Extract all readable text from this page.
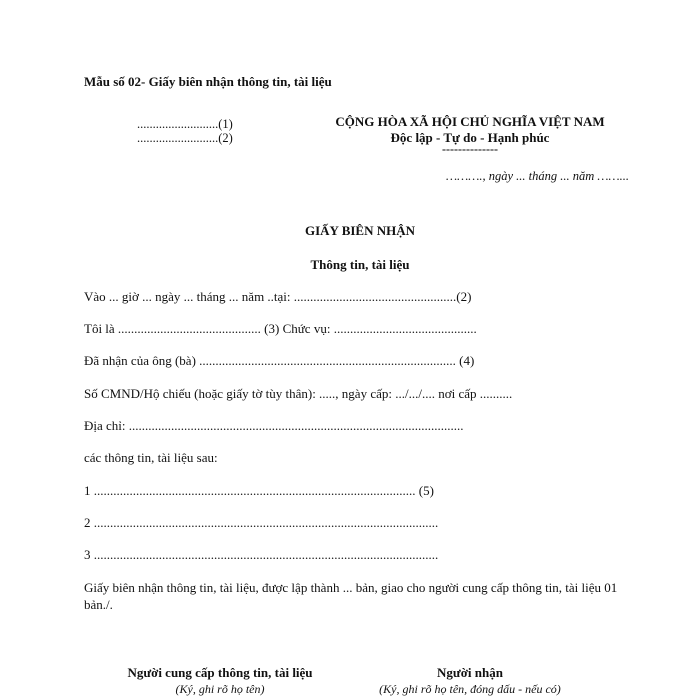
Mẫu số 02- Giấy biên nhận thông tin, tài liệu
..........................(1)
..........................(2)
CỘNG HÒA XÃ HỘI CHỦ NGHĨA VIỆT NAM
Độc lập - Tự do - Hạnh phúc
--------------
………., ngày ... tháng ... năm ……...
GIẤY BIÊN NHẬN
Thông tin, tài liệu
Vào ... giờ ... ngày ... tháng ... năm ..tại: ..................................................(2)
Tôi là ............................................ (3) Chức vụ: ............................................
Đã nhận của ông (bà) ............................................................................... (4)
Số CMND/Hộ chiếu (hoặc giấy tờ tùy thân): ....., ngày cấp: .../.../.... nơi cấp ..........
Địa chỉ: .......................................................................................................
các thông tin, tài liệu sau:
1 ................................................................................................... (5)
2 ..........................................................................................................
3 ..........................................................................................................
Giấy biên nhận thông tin, tài liệu, được lập thành ... bản, giao cho người cung cấp thông tin, tài liệu 01 bản./.
Người cung cấp thông tin, tài liệu
(Ký, ghi rõ họ tên)
Người nhận
(Ký, ghi rõ họ tên, đóng dấu - nếu có)
